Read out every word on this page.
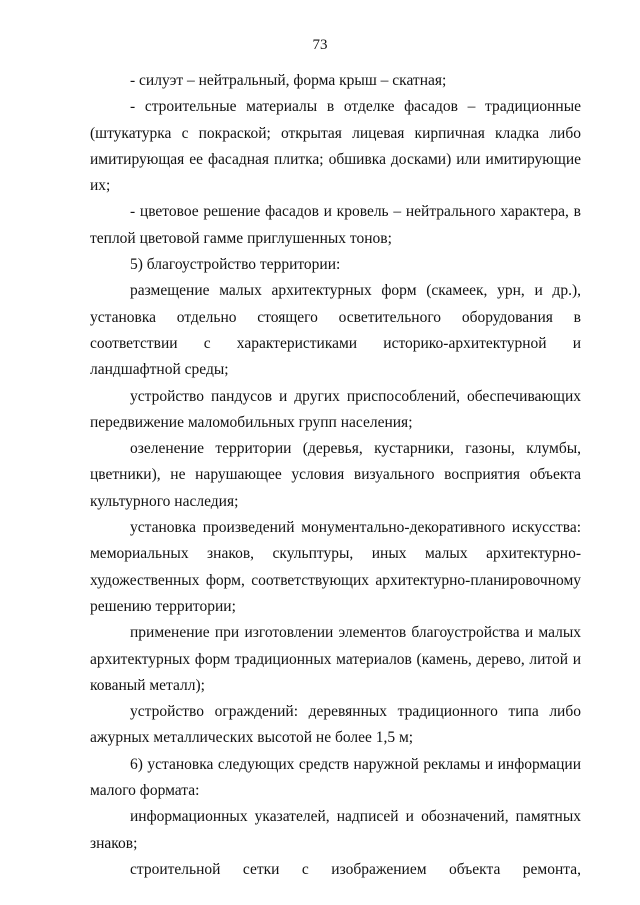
73

- силуэт – нейтральный, форма крыш – скатная;

- строительные материалы в отделке фасадов – традиционные (штукатурка с покраской; открытая лицевая кирпичная кладка либо имитирующая ее фасадная плитка; обшивка досками) или имитирующие их;

- цветовое решение фасадов и кровель – нейтрального характера, в теплой цветовой гамме приглушенных тонов;

5) благоустройство территории:

размещение малых архитектурных форм (скамеек, урн, и др.), установка отдельно стоящего осветительного оборудования в соответствии с характеристиками историко-архитектурной и ландшафтной среды;

устройство пандусов и других приспособлений, обеспечивающих передвижение маломобильных групп населения;

озеленение территории (деревья, кустарники, газоны, клумбы, цветники), не нарушающее условия визуального восприятия объекта культурного наследия;

установка произведений монументально-декоративного искусства: мемориальных знаков, скульптуры, иных малых архитектурно-художественных форм, соответствующих архитектурно-планировочному решению территории;

применение при изготовлении элементов благоустройства и малых архитектурных форм традиционных материалов (камень, дерево, литой и кованый металл);

устройство ограждений: деревянных традиционного типа либо ажурных металлических высотой не более 1,5 м;

6) установка следующих средств наружной рекламы и информации малого формата:

информационных указателей, надписей и обозначений, памятных знаков;

строительной сетки с изображением объекта ремонта,
